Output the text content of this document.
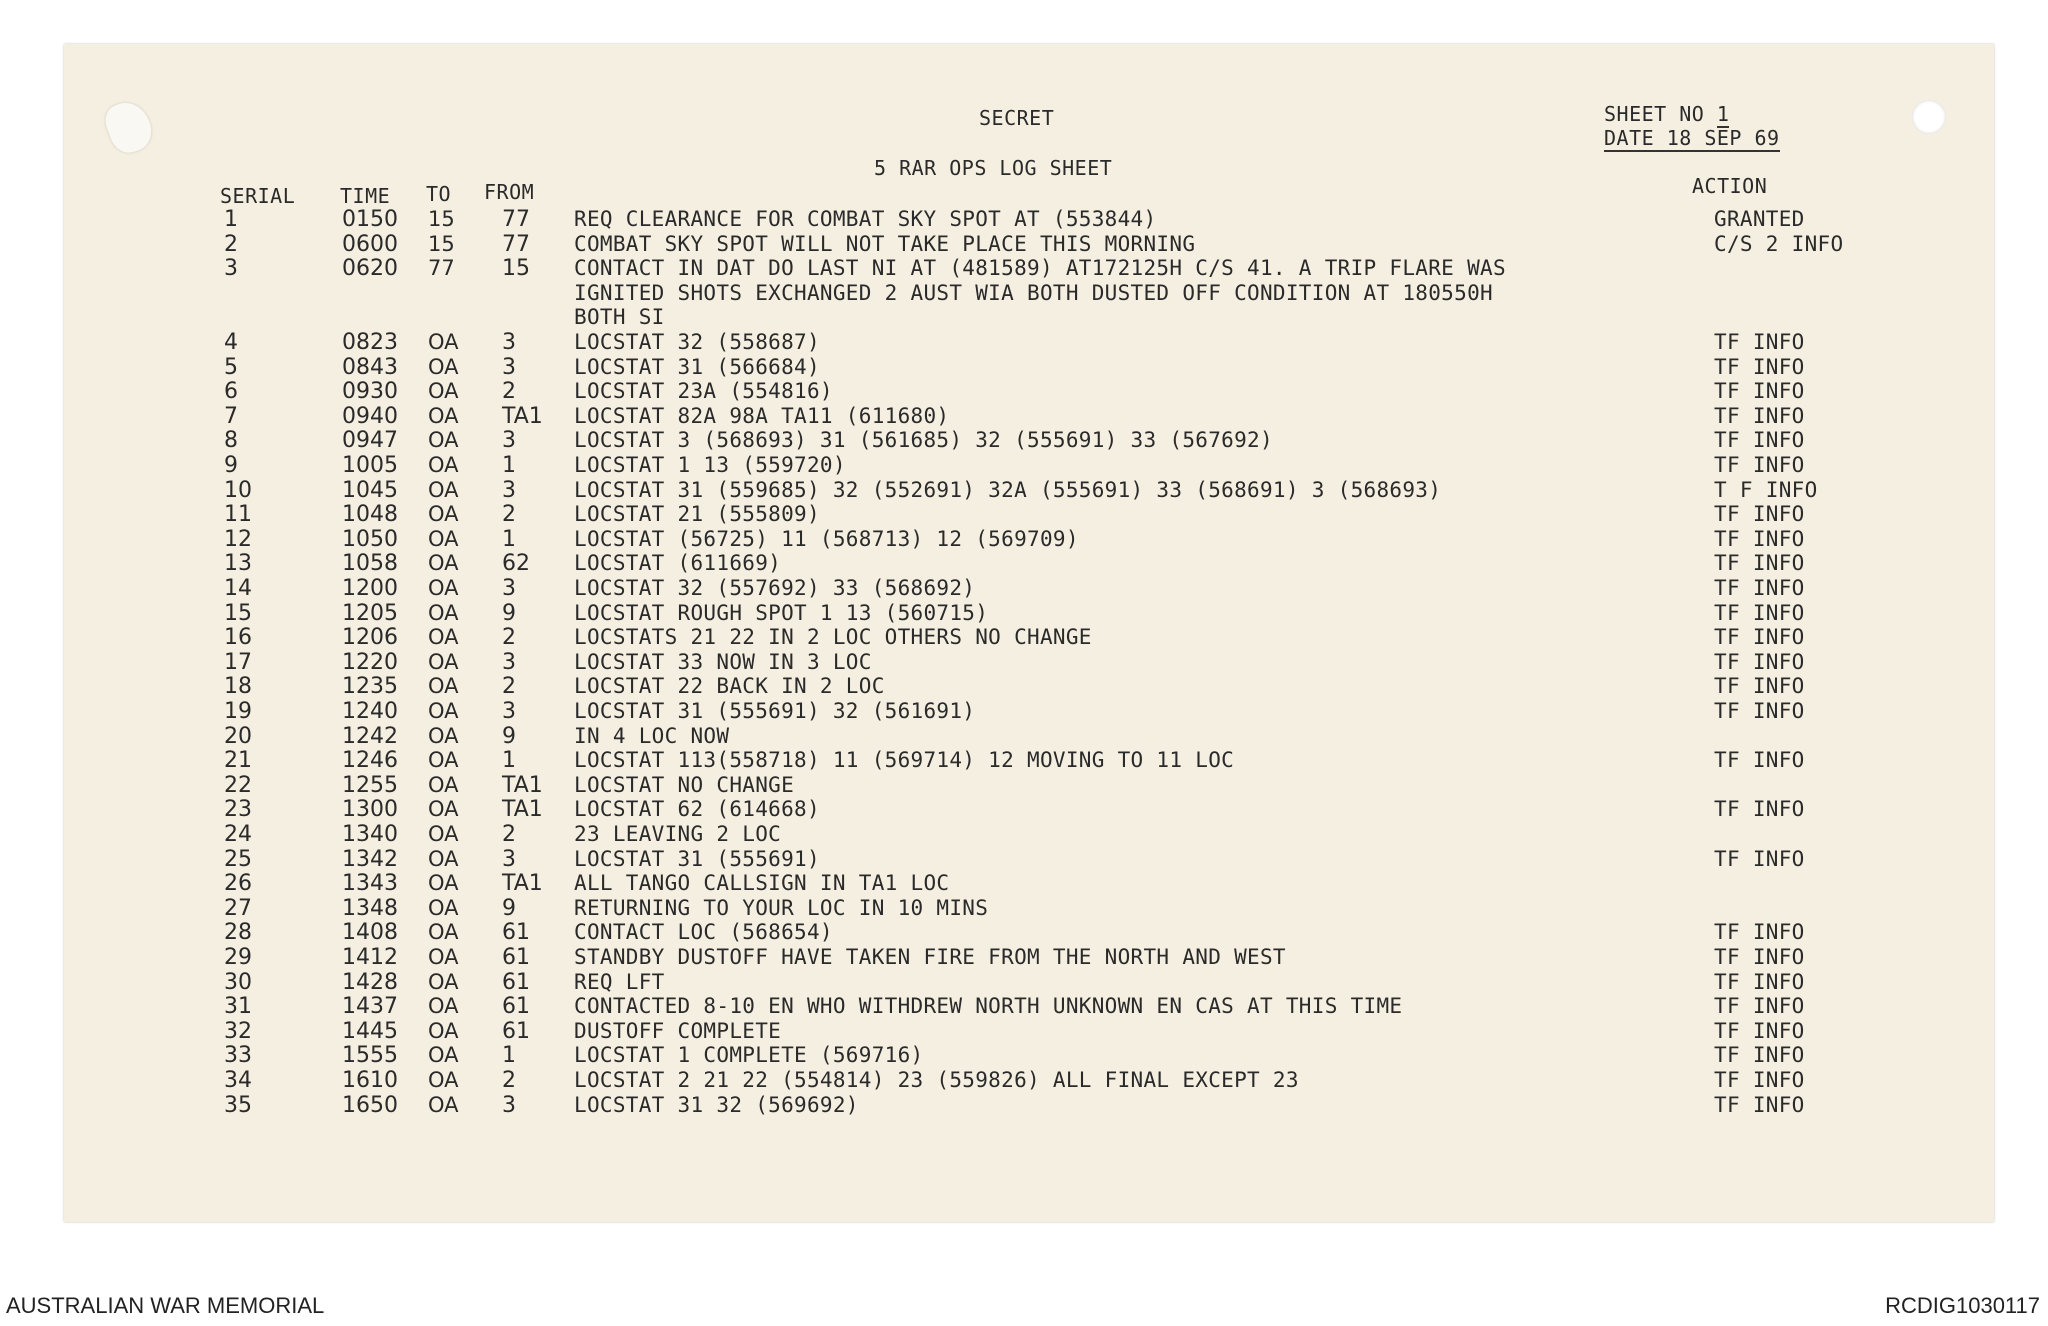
SECRET
5 RAR OPS LOG SHEET
SHEET NO 1
DATE 18 SEP 69
SERIAL TIME TO FROM	ACTION
1	0150 15 77 REQ CLEARANCE FOR COMBAT SKY SPOT AT (553844)	GRANTED
2	0600 15 77 COMBAT SKY SPOT WILL NOT TAKE PLACE THIS MORNING	C/S 2 INFO
3	0620 77 15 CONTACT IN DAT DO LAST NI AT (481589) AT172125H C/S 41. A TRIP FLARE WAS
IGNITED SHOTS EXCHANGED 2 AUST WIA BOTH DUSTED OFF CONDITION AT 180550H
BOTH SI
4	0823 OA 3	LOCSTAT 32 (558687)	TF INFO
5	0843 OA 3	LOCSTAT 31 (566684)	TF INFO
6	0930 OA 2	LOCSTAT 23A (554816)	TF INFO
7	0940 OA TA1 LOCSTAT 82A 98A TA11 (611680)	TF INFO
8	0947 OA 3	LOCSTAT 3 (568693) 31 (561685) 32 (555691) 33 (567692)	TF INFO
9	1005 OA 1	LOCSTAT 1 13 (559720)	TF INFO
10	1045 OA 3	LOCSTAT 31 (559685) 32 (552691) 32A (555691) 33 (568691) 3 (568693)	T F INFO
11	1048 OA 2	LOCSTAT 21 (555809)	TF INFO
12	1050 OA 1	LOCSTAT (56725) 11 (568713) 12 (569709)	TF INFO
13	1058 OA 62 LOCSTAT (611669)	TF INFO
14	1200 OA 3	LOCSTAT 32 (557692) 33 (568692)	TF INFO
15	1205 OA 9	LOCSTAT ROUGH SPOT 1 13 (560715)	TF INFO
16	1206 OA 2	LOCSTATS 21 22 IN 2 LOC OTHERS NO CHANGE	TF INFO
17	1220 OA 3	LOCSTAT 33 NOW IN 3 LOC	TF INFO
18	1235 OA 2	LOCSTAT 22 BACK IN 2 LOC	TF INFO
19	1240 OA 3	LOCSTAT 31 (555691) 32 (561691)	TF INFO
20	1242 OA 9	IN 4 LOC NOW
21	1246 OA 1	LOCSTAT 113(558718) 11 (569714) 12 MOVING TO 11 LOC	TF INFO
22	1255 OA TA1 LOCSTAT NO CHANGE
23	1300 OA TA1 LOCSTAT 62 (614668)	TF INFO
24	1340 OA 2	23 LEAVING 2 LOC
25	1342 OA 3	LOCSTAT 31 (555691)	TF INFO
26	1343 OA TA1 ALL TANGO CALLSIGN IN TA1 LOC
27	1348 OA 9	RETURNING TO YOUR LOC IN 10 MINS
28	1408 OA 61 CONTACT LOC (568654)	TF INFO
29	1412 OA 61 STANDBY DUSTOFF HAVE TAKEN FIRE FROM THE NORTH AND WEST	TF INFO
30	1428 OA 61 REQ LFT	TF INFO
31	1437 OA 61 CONTACTED 8-10 EN WHO WITHDREW NORTH UNKNOWN EN CAS AT THIS TIME	TF INFO
32	1445 OA 61 DUSTOFF COMPLETE	TF INFO
33	1555 OA 1	LOCSTAT 1 COMPLETE (569716)	TF INFO
34	1610 OA 2	LOCSTAT 2 21 22 (554814) 23 (559826) ALL FINAL EXCEPT 23	TF INFO
35	1650 OA 3	LOCSTAT 31 32 (569692)	TF INFO
AUSTRALIAN WAR MEMORIAL	RCDIG1030117
